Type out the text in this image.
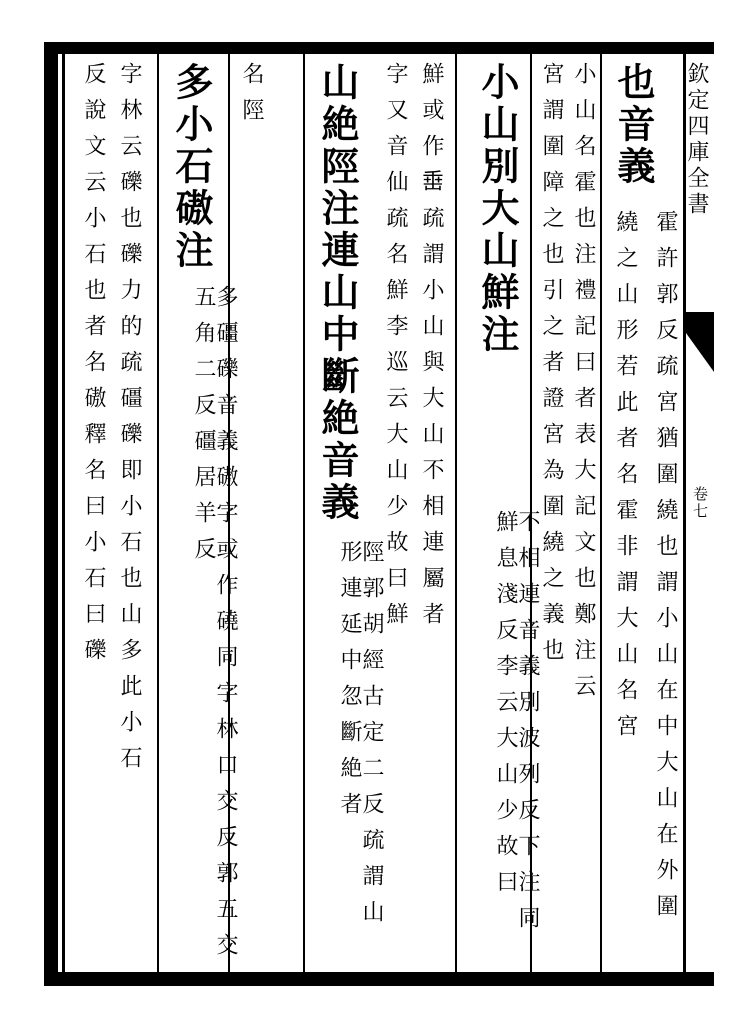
欽定四庫全書
卷七
也音義
霍許郭反疏宮猶圍繞也謂小山在中大山在外圍
繞之山形若此者名霍非謂大山名宮
小山名霍也注禮記曰者表大記文也鄭注云
宮謂圍障之也引之者證宮為圍繞之義也
小山別大山鮮注
不相連音義別波列反下注同鮮息淺反李云大山少故曰
鮮或作𡸁疏謂小山與大山不相連屬者
字又音仙疏名鮮李巡云大山少故曰鮮
山絶陘注連山中斷絶音義
陘郭胡經古定二反疏謂山形連延中忽斷絶者
名陘
多小石磝注
多礓礫音義磝字或作磽同字林口交反郭五交五角二反礓居羊反
字林云礫也礫力的疏礓礫即小石也山多此小石
反說文云小石也者名磝釋名曰小石曰礫
